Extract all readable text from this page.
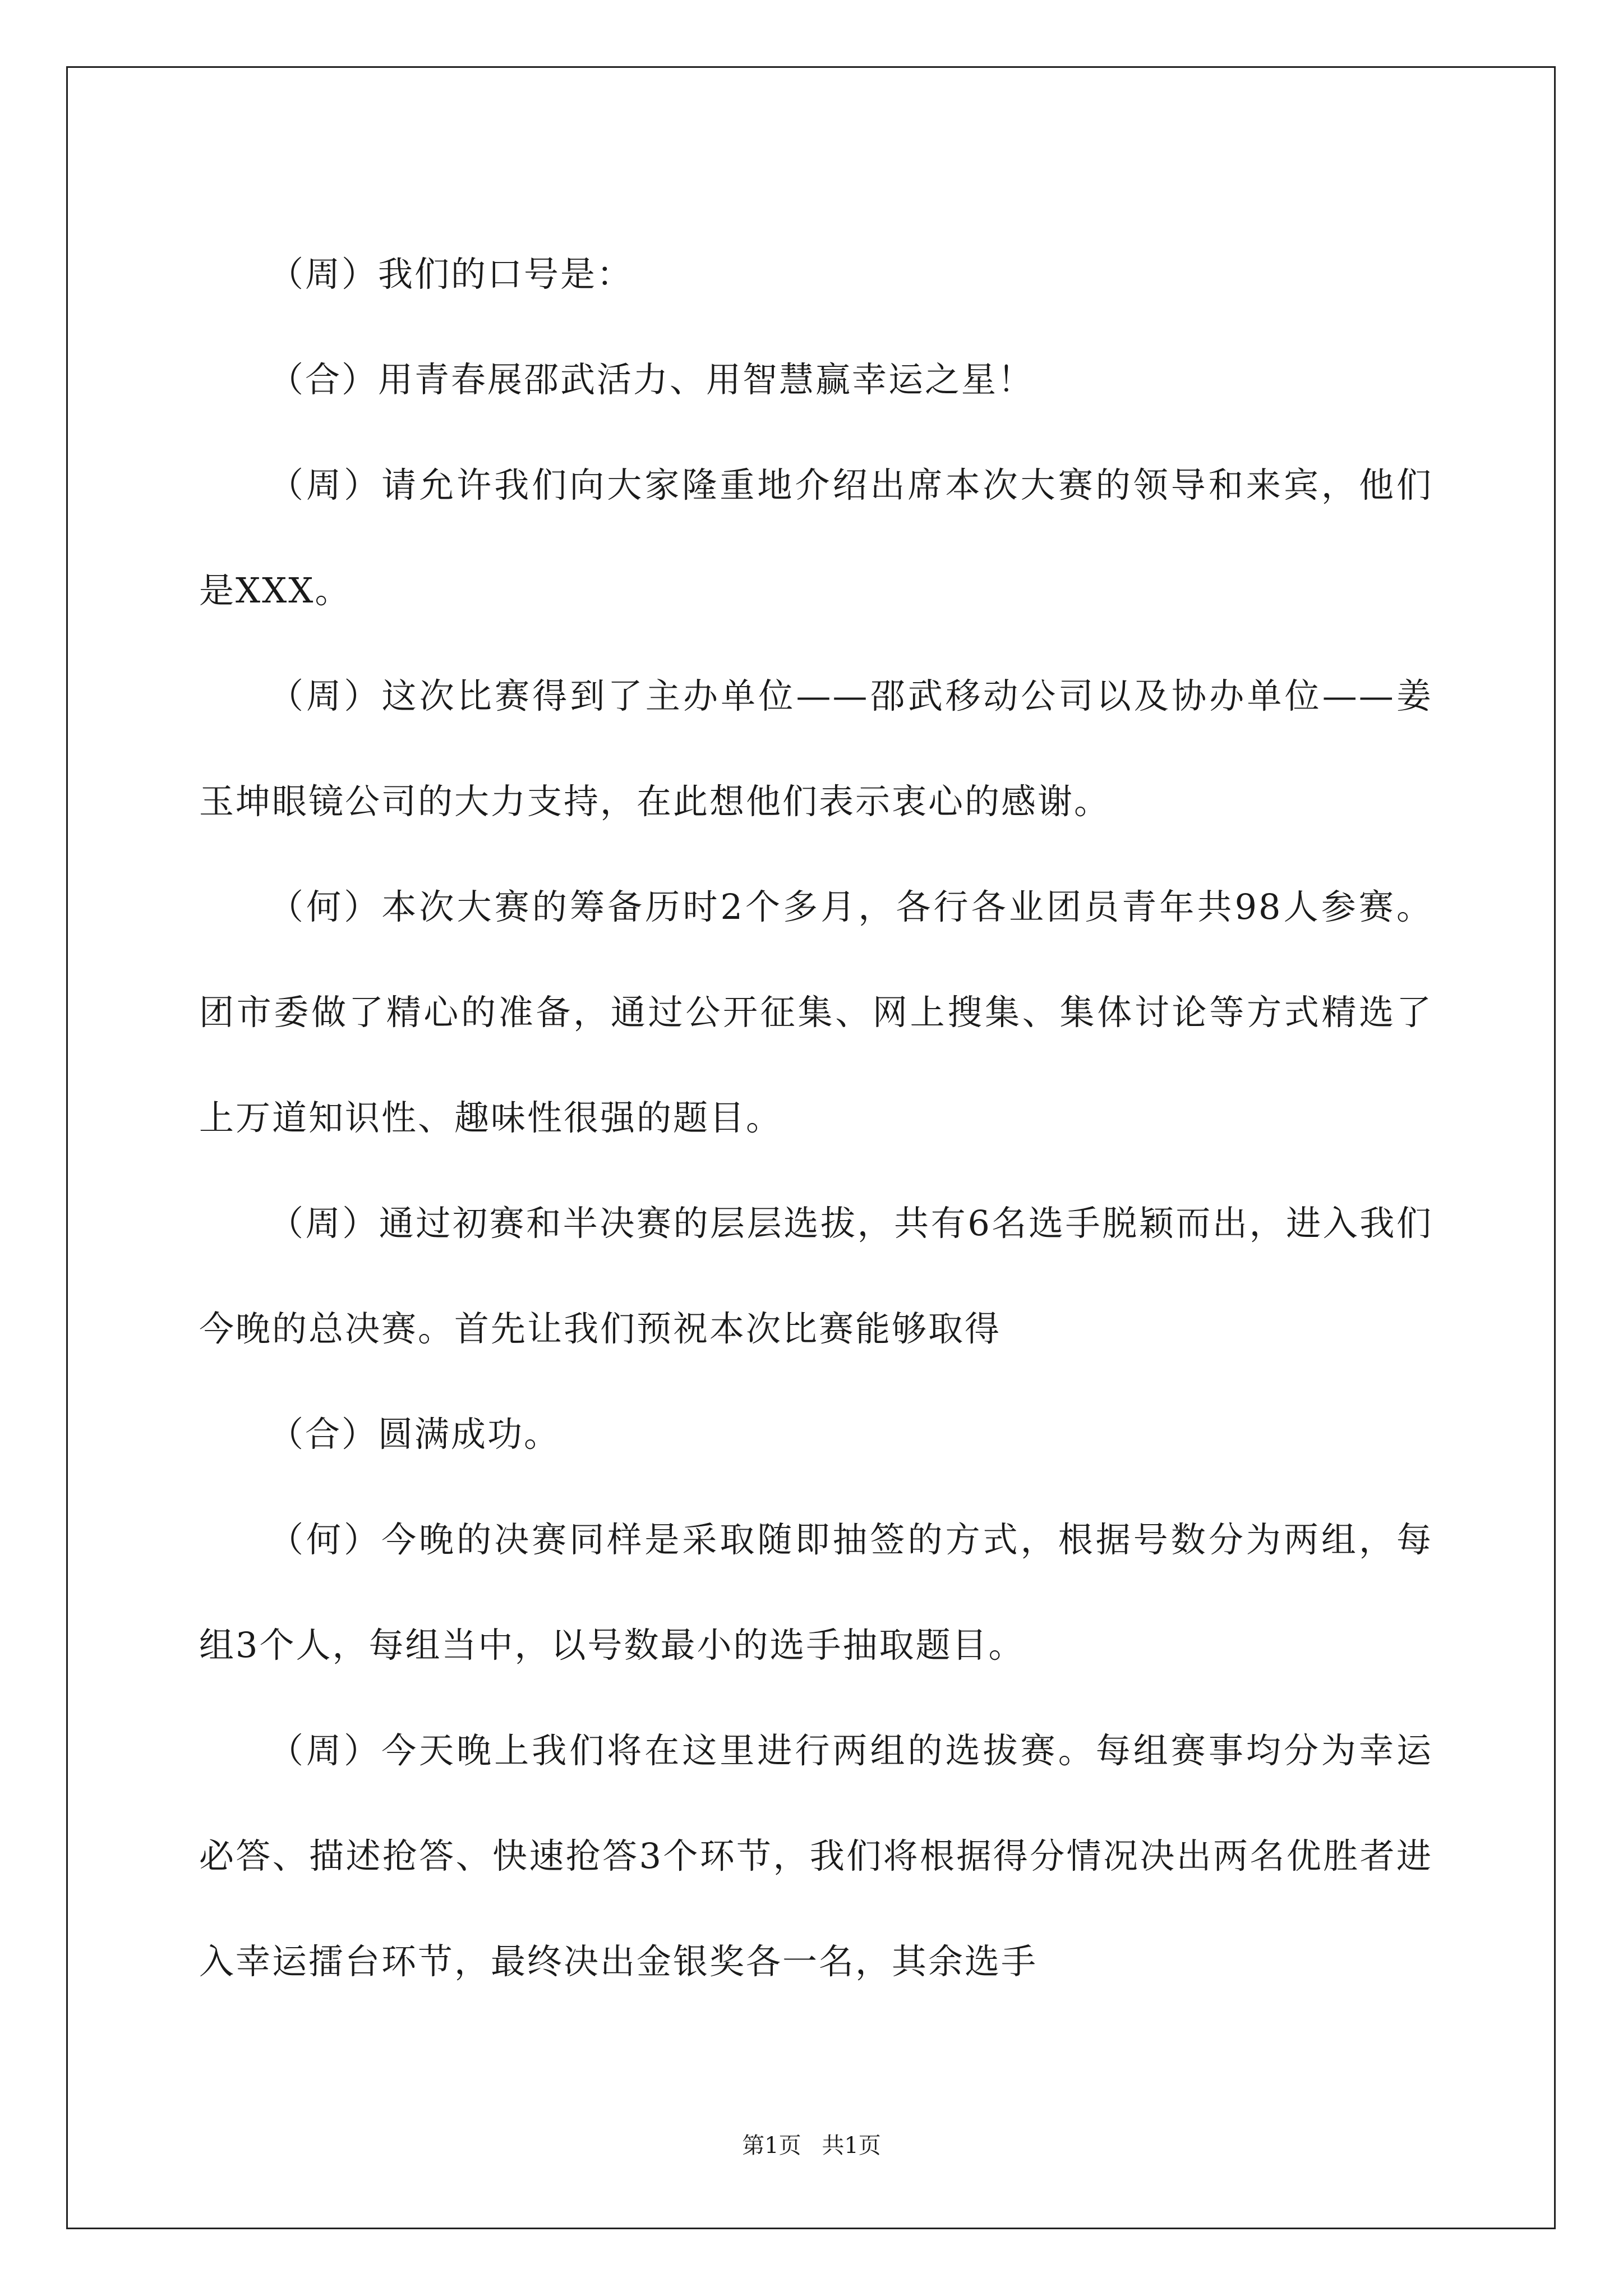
（周）我们的口号是：

（合）用青春展邵武活力、用智慧赢幸运之星！

（周）请允许我们向大家隆重地介绍出席本次大赛的领导和来宾，他们是XXX。

（周）这次比赛得到了主办单位——邵武移动公司以及协办单位——姜玉坤眼镜公司的大力支持，在此想他们表示衷心的感谢。

（何）本次大赛的筹备历时2个多月，各行各业团员青年共98人参赛。团市委做了精心的准备，通过公开征集、网上搜集、集体讨论等方式精选了上万道知识性、趣味性很强的题目。

（周）通过初赛和半决赛的层层选拔，共有6名选手脱颖而出，进入我们今晚的总决赛。首先让我们预祝本次比赛能够取得

（合）圆满成功。

（何）今晚的决赛同样是采取随即抽签的方式，根据号数分为两组，每组3个人，每组当中，以号数最小的选手抽取题目。

（周）今天晚上我们将在这里进行两组的选拔赛。每组赛事均分为幸运必答、描述抢答、快速抢答3个环节，我们将根据得分情况决出两名优胜者进入幸运擂台环节，最终决出金银奖各一名，其余选手

第1页 共1页
